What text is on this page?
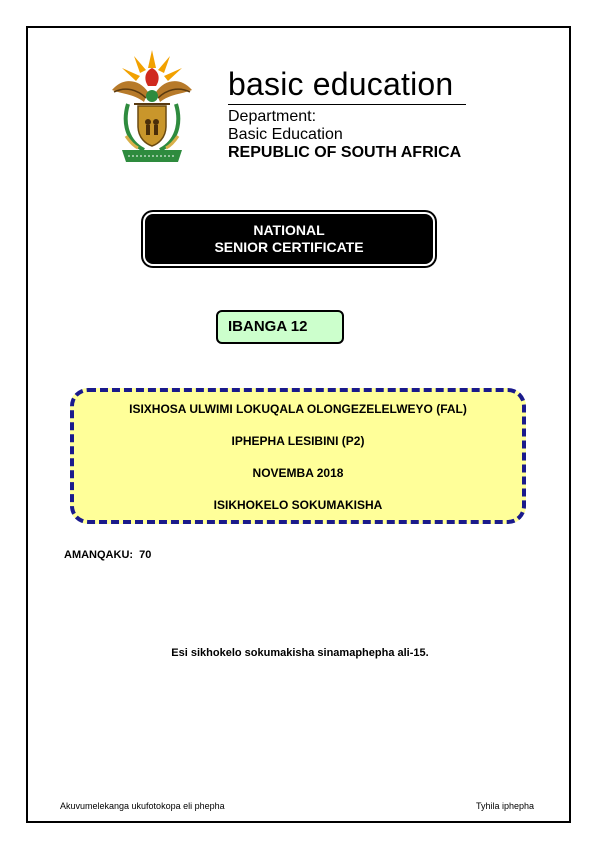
basic education
Department:
Basic Education
REPUBLIC OF SOUTH AFRICA
NATIONAL
SENIOR CERTIFICATE
IBANGA 12
ISIXHOSA ULWIMI LOKUQALA OLONGEZELELWEYO (FAL)
IPHEPHA LESIBINI (P2)
NOVEMBA 2018
ISIKHOKELO SOKUMAKISHA
AMANQAKU: 70
Esi sikhokelo sokumakisha sinamaphepha ali-15.
Akuvumelekanga ukufotokopa eli phepha	Tyhila iphepha
